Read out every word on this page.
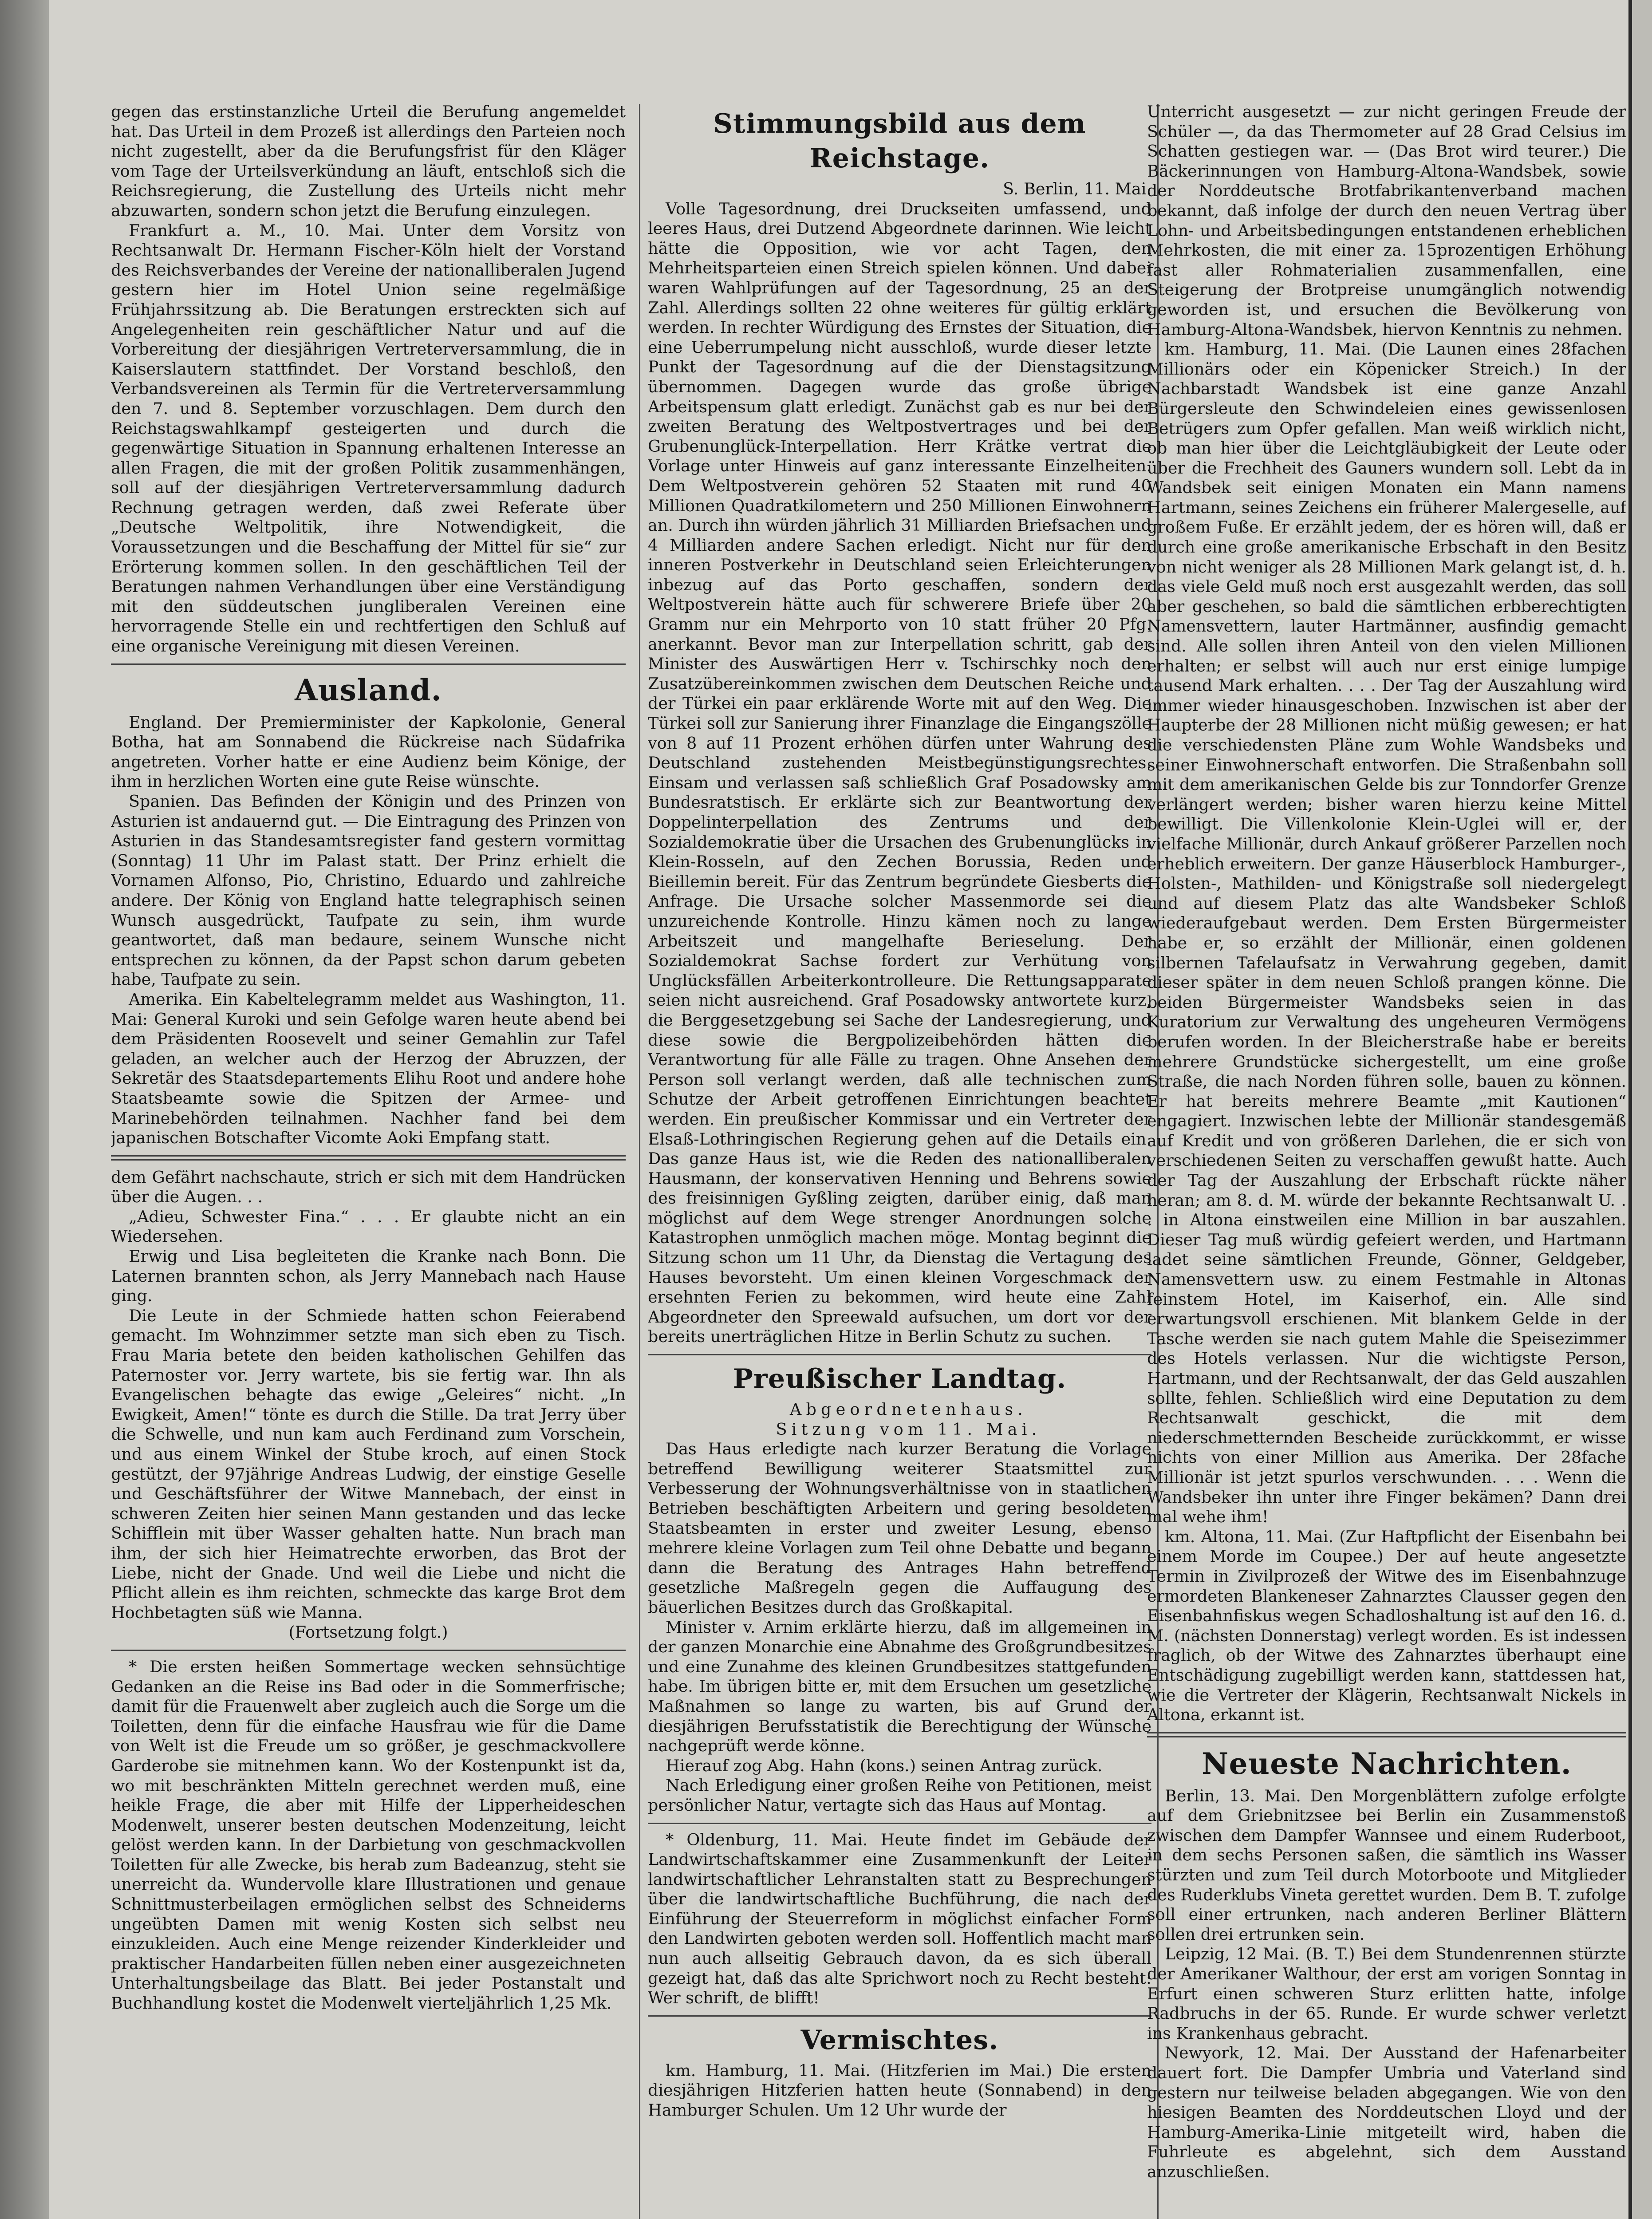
gegen das erstinstanzliche Urteil die Berufung angemeldet hat. Das Urteil in dem Prozeß ist allerdings den Parteien noch nicht zugestellt, aber da die Berufungsfrist für den Kläger vom Tage der Urteilsverkündung an läuft, entschloß sich die Reichsregierung, die Zustellung des Urteils nicht mehr abzuwarten, sondern schon jetzt die Berufung einzulegen.

Frankfurt a. M., 10. Mai. Unter dem Vorsitz von Rechtsanwalt Dr. Hermann Fischer-Köln hielt der Vorstand des Reichsverbandes der Vereine der nationalliberalen Jugend gestern hier im Hotel Union seine regelmäßige Frühjahrssitzung ab. Die Beratungen erstreckten sich auf Angelegenheiten rein geschäftlicher Natur und auf die Vorbereitung der diesjährigen Vertreterversammlung, die in Kaiserslautern stattfindet. Der Vorstand beschloß, den Verbandsvereinen als Termin für die Vertreterversammlung den 7. und 8. September vorzuschlagen. Dem durch den Reichstagswahlkampf gesteigerten und durch die gegenwärtige Situation in Spannung erhaltenen Interesse an allen Fragen, die mit der großen Politik zusammenhängen, soll auf der diesjährigen Vertreterversammlung dadurch Rechnung getragen werden, daß zwei Referate über „Deutsche Weltpolitik, ihre Notwendigkeit, die Voraussetzungen und die Beschaffung der Mittel für sie“ zur Erörterung kommen sollen. In den geschäftlichen Teil der Beratungen nahmen Verhandlungen über eine Verständigung mit den süddeutschen jungliberalen Vereinen eine hervorragende Stelle ein und rechtfertigen den Schluß auf eine organische Vereinigung mit diesen Vereinen.

Ausland.

England. Der Premierminister der Kapkolonie, General Botha, hat am Sonnabend die Rückreise nach Südafrika angetreten. Vorher hatte er eine Audienz beim Könige, der ihm in herzlichen Worten eine gute Reise wünschte.

Spanien. Das Befinden der Königin und des Prinzen von Asturien ist andauernd gut. — Die Eintragung des Prinzen von Asturien in das Standesamtsregister fand gestern vormittag (Sonntag) 11 Uhr im Palast statt. Der Prinz erhielt die Vornamen Alfonso, Pio, Christino, Eduardo und zahlreiche andere. Der König von England hatte telegraphisch seinen Wunsch ausgedrückt, Taufpate zu sein, ihm wurde geantwortet, daß man bedaure, seinem Wunsche nicht entsprechen zu können, da der Papst schon darum gebeten habe, Taufpate zu sein.

Amerika. Ein Kabeltelegramm meldet aus Washington, 11. Mai: General Kuroki und sein Gefolge waren heute abend bei dem Präsidenten Roosevelt und seiner Gemahlin zur Tafel geladen, an welcher auch der Herzog der Abruzzen, der Sekretär des Staatsdepartements Elihu Root und andere hohe Staatsbeamte sowie die Spitzen der Armee- und Marinebehörden teilnahmen. Nachher fand bei dem japanischen Botschafter Vicomte Aoki Empfang statt.

dem Gefährt nachschaute, strich er sich mit dem Handrücken über die Augen. . .

„Adieu, Schwester Fina.“ . . . Er glaubte nicht an ein Wiedersehen.

Erwig und Lisa begleiteten die Kranke nach Bonn. Die Laternen brannten schon, als Jerry Mannebach nach Hause ging.

Die Leute in der Schmiede hatten schon Feierabend gemacht. Im Wohnzimmer setzte man sich eben zu Tisch. Frau Maria betete den beiden katholischen Gehilfen das Paternoster vor. Jerry wartete, bis sie fertig war. Ihn als Evangelischen behagte das ewige „Geleires“ nicht. „In Ewigkeit, Amen!“ tönte es durch die Stille. Da trat Jerry über die Schwelle, und nun kam auch Ferdinand zum Vorschein, und aus einem Winkel der Stube kroch, auf einen Stock gestützt, der 97jährige Andreas Ludwig, der einstige Geselle und Geschäftsführer der Witwe Mannebach, der einst in schweren Zeiten hier seinen Mann gestanden und das lecke Schifflein mit über Wasser gehalten hatte. Nun brach man ihm, der sich hier Heimatrechte erworben, das Brot der Liebe, nicht der Gnade. Und weil die Liebe und nicht die Pflicht allein es ihm reichten, schmeckte das karge Brot dem Hochbetagten süß wie Manna.

(Fortsetzung folgt.)

* Die ersten heißen Sommertage wecken sehnsüchtige Gedanken an die Reise ins Bad oder in die Sommerfrische; damit für die Frauenwelt aber zugleich auch die Sorge um die Toiletten, denn für die einfache Hausfrau wie für die Dame von Welt ist die Freude um so größer, je geschmackvollere Garderobe sie mitnehmen kann. Wo der Kostenpunkt ist da, wo mit beschränkten Mitteln gerechnet werden muß, eine heikle Frage, die aber mit Hilfe der Lipperheideschen Modenwelt, unserer besten deutschen Modenzeitung, leicht gelöst werden kann. In der Darbietung von geschmackvollen Toiletten für alle Zwecke, bis herab zum Badeanzug, steht sie unerreicht da. Wundervolle klare Illustrationen und genaue Schnittmusterbeilagen ermöglichen selbst des Schneiderns ungeübten Damen mit wenig Kosten sich selbst neu einzukleiden. Auch eine Menge reizender Kinderkleider und praktischer Handarbeiten füllen neben einer ausgezeichneten Unterhaltungsbeilage das Blatt. Bei jeder Postanstalt und Buchhandlung kostet die Modenwelt vierteljährlich 1,25 Mk.

Stimmungsbild aus dem Reichstage.

S. Berlin, 11. Mai.

Volle Tagesordnung, drei Druckseiten umfassend, und leeres Haus, drei Dutzend Abgeordnete darinnen. Wie leicht hätte die Opposition, wie vor acht Tagen, den Mehrheitsparteien einen Streich spielen können. Und dabei waren Wahlprüfungen auf der Tagesordnung, 25 an der Zahl. Allerdings sollten 22 ohne weiteres für gültig erklärt werden. In rechter Würdigung des Ernstes der Situation, die eine Ueberrumpelung nicht ausschloß, wurde dieser letzte Punkt der Tagesordnung auf die der Dienstagsitzung übernommen. Dagegen wurde das große übrige Arbeitspensum glatt erledigt. Zunächst gab es nur bei der zweiten Beratung des Weltpostvertrages und bei der Grubenunglück-Interpellation. Herr Krätke vertrat die Vorlage unter Hinweis auf ganz interessante Einzelheiten. Dem Weltpostverein gehören 52 Staaten mit rund 40 Millionen Quadratkilometern und 250 Millionen Einwohnern an. Durch ihn würden jährlich 31 Milliarden Briefsachen und 4 Milliarden andere Sachen erledigt. Nicht nur für den inneren Postverkehr in Deutschland seien Erleichterungen inbezug auf das Porto geschaffen, sondern der Weltpostverein hätte auch für schwerere Briefe über 20 Gramm nur ein Mehrporto von 10 statt früher 20 Pfg. anerkannt. Bevor man zur Interpellation schritt, gab der Minister des Auswärtigen Herr v. Tschirschky noch den Zusatzübereinkommen zwischen dem Deutschen Reiche und der Türkei ein paar erklärende Worte mit auf den Weg. Die Türkei soll zur Sanierung ihrer Finanzlage die Eingangszölle von 8 auf 11 Prozent erhöhen dürfen unter Wahrung des Deutschland zustehenden Meistbegünstigungsrechtes. Einsam und verlassen saß schließlich Graf Posadowsky am Bundesratstisch. Er erklärte sich zur Beantwortung der Doppelinterpellation des Zentrums und der Sozialdemokratie über die Ursachen des Grubenunglücks in Klein-Rosseln, auf den Zechen Borussia, Reden und Bieillemin bereit. Für das Zentrum begründete Giesberts die Anfrage. Die Ursache solcher Massenmorde sei die unzureichende Kontrolle. Hinzu kämen noch zu lange Arbeitszeit und mangelhafte Berieselung. Der Sozialdemokrat Sachse fordert zur Verhütung von Unglücksfällen Arbeiterkontrolleure. Die Rettungsapparate seien nicht ausreichend. Graf Posadowsky antwortete kurz, die Berggesetzgebung sei Sache der Landesregierung, und diese sowie die Bergpolizeibehörden hätten die Verantwortung für alle Fälle zu tragen. Ohne Ansehen der Person soll verlangt werden, daß alle technischen zum Schutze der Arbeit getroffenen Einrichtungen beachtet werden. Ein preußischer Kommissar und ein Vertreter der Elsaß-Lothringischen Regierung gehen auf die Details ein. Das ganze Haus ist, wie die Reden des nationalliberalen Hausmann, der konservativen Henning und Behrens sowie des freisinnigen Gyßling zeigten, darüber einig, daß man möglichst auf dem Wege strenger Anordnungen solche Katastrophen unmöglich machen möge. Montag beginnt die Sitzung schon um 11 Uhr, da Dienstag die Vertagung des Hauses bevorsteht. Um einen kleinen Vorgeschmack der ersehnten Ferien zu bekommen, wird heute eine Zahl Abgeordneter den Spreewald aufsuchen, um dort vor der bereits unerträglichen Hitze in Berlin Schutz zu suchen.

Preußischer Landtag.

Abgeordnetenhaus.

Sitzung vom 11. Mai.

Das Haus erledigte nach kurzer Beratung die Vorlage betreffend Bewilligung weiterer Staatsmittel zur Verbesserung der Wohnungsverhältnisse von in staatlichen Betrieben beschäftigten Arbeitern und gering besoldeten Staatsbeamten in erster und zweiter Lesung, ebenso mehrere kleine Vorlagen zum Teil ohne Debatte und begann dann die Beratung des Antrages Hahn betreffend gesetzliche Maßregeln gegen die Auffaugung des bäuerlichen Besitzes durch das Großkapital.

Minister v. Arnim erklärte hierzu, daß im allgemeinen in der ganzen Monarchie eine Abnahme des Großgrundbesitzes und eine Zunahme des kleinen Grundbesitzes stattgefunden habe. Im übrigen bitte er, mit dem Ersuchen um gesetzliche Maßnahmen so lange zu warten, bis auf Grund der diesjährigen Berufsstatistik die Berechtigung der Wünsche nachgeprüft werde könne.

Hierauf zog Abg. Hahn (kons.) seinen Antrag zurück.

Nach Erledigung einer großen Reihe von Petitionen, meist persönlicher Natur, vertagte sich das Haus auf Montag.

* Oldenburg, 11. Mai. Heute findet im Gebäude der Landwirtschaftskammer eine Zusammenkunft der Leiter landwirtschaftlicher Lehranstalten statt zu Besprechungen über die landwirtschaftliche Buchführung, die nach der Einführung der Steuerreform in möglichst einfacher Form den Landwirten geboten werden soll. Hoffentlich macht man nun auch allseitig Gebrauch davon, da es sich überall gezeigt hat, daß das alte Sprichwort noch zu Recht besteht: Wer schrift, de blifft!

Vermischtes.

km. Hamburg, 11. Mai. (Hitzferien im Mai.) Die ersten diesjährigen Hitzferien hatten heute (Sonnabend) in den Hamburger Schulen. Um 12 Uhr wurde der

Unterricht ausgesetzt — zur nicht geringen Freude der Schüler —, da das Thermometer auf 28 Grad Celsius im Schatten gestiegen war. — (Das Brot wird teurer.) Die Bäckerinnungen von Hamburg-Altona-Wandsbek, sowie der Norddeutsche Brotfabrikantenverband machen bekannt, daß infolge der durch den neuen Vertrag über Lohn- und Arbeitsbedingungen entstandenen erheblichen Mehrkosten, die mit einer za. 15prozentigen Erhöhung fast aller Rohmaterialien zusammenfallen, eine Steigerung der Brotpreise unumgänglich notwendig geworden ist, und ersuchen die Bevölkerung von Hamburg-Altona-Wandsbek, hiervon Kenntnis zu nehmen.

km. Hamburg, 11. Mai. (Die Launen eines 28fachen Millionärs oder ein Köpenicker Streich.) In der Nachbarstadt Wandsbek ist eine ganze Anzahl Bürgersleute den Schwindeleien eines gewissenlosen Betrügers zum Opfer gefallen. Man weiß wirklich nicht, ob man hier über die Leichtgläubigkeit der Leute oder über die Frechheit des Gauners wundern soll. Lebt da in Wandsbek seit einigen Monaten ein Mann namens Hartmann, seines Zeichens ein früherer Malergeselle, auf großem Fuße. Er erzählt jedem, der es hören will, daß er durch eine große amerikanische Erbschaft in den Besitz von nicht weniger als 28 Millionen Mark gelangt ist, d. h. das viele Geld muß noch erst ausgezahlt werden, das soll aber geschehen, so bald die sämtlichen erbberechtigten Namensvettern, lauter Hartmänner, ausfindig gemacht sind. Alle sollen ihren Anteil von den vielen Millionen erhalten; er selbst will auch nur erst einige lumpige tausend Mark erhalten. . . . Der Tag der Auszahlung wird immer wieder hinausgeschoben. Inzwischen ist aber der Haupterbe der 28 Millionen nicht müßig gewesen; er hat die verschiedensten Pläne zum Wohle Wandsbeks und seiner Einwohnerschaft entworfen. Die Straßenbahn soll mit dem amerikanischen Gelde bis zur Tonndorfer Grenze verlängert werden; bisher waren hierzu keine Mittel bewilligt. Die Villenkolonie Klein-Uglei will er, der vielfache Millionär, durch Ankauf größerer Parzellen noch erheblich erweitern. Der ganze Häuserblock Hamburger-, Holsten-, Mathilden- und Königstraße soll niedergelegt und auf diesem Platz das alte Wandsbeker Schloß wiederaufgebaut werden. Dem Ersten Bürgermeister habe er, so erzählt der Millionär, einen goldenen silbernen Tafelaufsatz in Verwahrung gegeben, damit dieser später in dem neuen Schloß prangen könne. Die beiden Bürgermeister Wandsbeks seien in das Kuratorium zur Verwaltung des ungeheuren Vermögens berufen worden. In der Bleicherstraße habe er bereits mehrere Grundstücke sichergestellt, um eine große Straße, die nach Norden führen solle, bauen zu können. Er hat bereits mehrere Beamte „mit Kautionen“ engagiert. Inzwischen lebte der Millionär standesgemäß auf Kredit und von größeren Darlehen, die er sich von verschiedenen Seiten zu verschaffen gewußt hatte. Auch der Tag der Auszahlung der Erbschaft rückte näher heran; am 8. d. M. würde der bekannte Rechtsanwalt U. . . in Altona einstweilen eine Million in bar auszahlen. Dieser Tag muß würdig gefeiert werden, und Hartmann ladet seine sämtlichen Freunde, Gönner, Geldgeber, Namensvettern usw. zu einem Festmahle in Altonas feinstem Hotel, im Kaiserhof, ein. Alle sind erwartungsvoll erschienen. Mit blankem Gelde in der Tasche werden sie nach gutem Mahle die Speisezimmer des Hotels verlassen. Nur die wichtigste Person, Hartmann, und der Rechtsanwalt, der das Geld auszahlen sollte, fehlen. Schließlich wird eine Deputation zu dem Rechtsanwalt geschickt, die mit dem niederschmetternden Bescheide zurückkommt, er wisse nichts von einer Million aus Amerika. Der 28fache Millionär ist jetzt spurlos verschwunden. . . . Wenn die Wandsbeker ihn unter ihre Finger bekämen? Dann drei mal wehe ihm!

km. Altona, 11. Mai. (Zur Haftpflicht der Eisenbahn bei einem Morde im Coupee.) Der auf heute angesetzte Termin in Zivilprozeß der Witwe des im Eisenbahnzuge ermordeten Blankeneser Zahnarztes Clausser gegen den Eisenbahnfiskus wegen Schadloshaltung ist auf den 16. d. M. (nächsten Donnerstag) verlegt worden. Es ist indessen fraglich, ob der Witwe des Zahnarztes überhaupt eine Entschädigung zugebilligt werden kann, stattdessen hat, wie die Vertreter der Klägerin, Rechtsanwalt Nickels in Altona, erkannt ist.

Neueste Nachrichten.

Berlin, 13. Mai. Den Morgenblättern zufolge erfolgte auf dem Griebnitzsee bei Berlin ein Zusammenstoß zwischen dem Dampfer Wannsee und einem Ruderboot, in dem sechs Personen saßen, die sämtlich ins Wasser stürzten und zum Teil durch Motorboote und Mitglieder des Ruderklubs Vineta gerettet wurden. Dem B. T. zufolge soll einer ertrunken, nach anderen Berliner Blättern sollen drei ertrunken sein.

Leipzig, 12 Mai. (B. T.) Bei dem Stundenrennen stürzte der Amerikaner Walthour, der erst am vorigen Sonntag in Erfurt einen schweren Sturz erlitten hatte, infolge Radbruchs in der 65. Runde. Er wurde schwer verletzt ins Krankenhaus gebracht.

Newyork, 12. Mai. Der Ausstand der Hafenarbeiter dauert fort. Die Dampfer Umbria und Vaterland sind gestern nur teilweise beladen abgegangen. Wie von den hiesigen Beamten des Norddeutschen Lloyd und der Hamburg-Amerika-Linie mitgeteilt wird, haben die Fuhrleute es abgelehnt, sich dem Ausstand anzuschließen.
